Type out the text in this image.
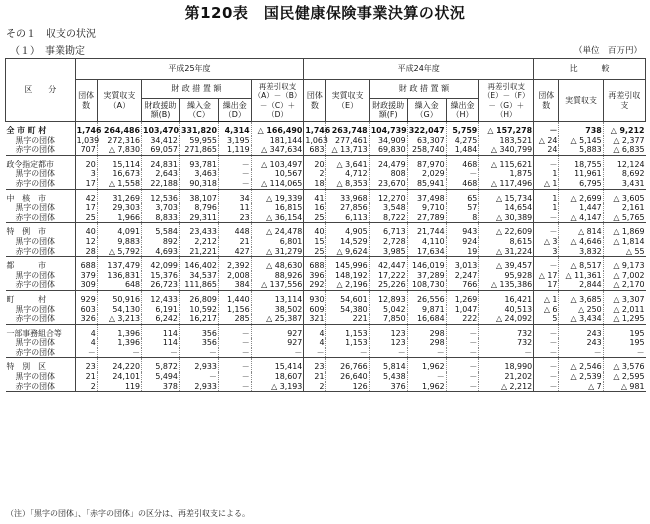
第120表　国民健康保険事業決算の状況
その１　収支の状況
（１）　事業勘定	（単位　百万円）
区　　分	平成25年度						平成24年度						比　　　較		
	団体数	実質収支（A）	財 政 措 置 額			再差引収支（A）－（B）－（C）＋（D）	団体数	実質収支（E）	財 政 措 置 額			再差引収支（E）－（F）－（G）＋（H）	団体数	実質収支	再差引収支
			財政援助額(B)	繰入金（C）	繰出金（D）				財政援助額(F)	繰入金（G）	繰出金（H）				
全 市 町 村	1,746	264,486	103,470	331,820	4,314	△ 166,490	1,746	263,748	104,739	322,047	5,759	△ 157,278	－	738	△ 9,212
黒字の団体	1,039	272,316	34,412	59,955	3,195	181,144	1,063	277,461	34,909	63,307	4,275	183,521	△ 24	△ 5,145	△ 2,377
赤字の団体	707	△ 7,830	69,057	271,865	1,119	△ 347,634	683	△ 13,713	69,830	258,740	1,484	△ 340,799	24	5,883	△ 6,835
政令指定都市	20	15,114	24,831	93,781	－	△ 103,497	20	△ 3,641	24,479	87,970	468	△ 115,621	－	18,755	12,124
黒字の団体	3	16,673	2,643	3,463	－	10,567	2	4,712	808	2,029	－	1,875	1	11,961	8,692
赤字の団体	17	△ 1,558	22,188	90,318	－	△ 114,065	18	△ 8,353	23,670	85,941	468	△ 117,496	△ 1	6,795	3,431
中　核　市	42	31,269	12,536	38,107	34	△ 19,339	41	33,968	12,270	37,498	65	△ 15,734	1	△ 2,699	△ 3,605
黒字の団体	17	29,303	3,703	8,796	11	16,815	16	27,856	3,548	9,710	57	14,654	1	1,447	2,161
赤字の団体	25	1,966	8,833	29,311	23	△ 36,154	25	6,113	8,722	27,789	8	△ 30,389	－	△ 4,147	△ 5,765
特　例　市	40	4,091	5,584	23,433	448	△ 24,478	40	4,905	6,713	21,744	943	△ 22,609	－	△ 814	△ 1,869
黒字の団体	12	9,883	892	2,212	21	6,801	15	14,529	2,728	4,110	924	8,615	△ 3	△ 4,646	△ 1,814
赤字の団体	28	△ 5,792	4,693	21,221	427	△ 31,279	25	△ 9,624	3,985	17,634	19	△ 31,224	3	3,832	△ 55
都　　　市	688	137,479	42,099	146,402	2,392	△ 48,630	688	145,996	42,447	146,019	3,013	△ 39,457	－	△ 8,517	△ 9,173
黒字の団体	379	136,831	15,376	34,537	2,008	88,926	396	148,192	17,222	37,289	2,247	95,928	△ 17	△ 11,361	△ 7,002
赤字の団体	309	648	26,723	111,865	384	△ 137,556	292	△ 2,196	25,226	108,730	766	△ 135,386	17	2,844	△ 2,170
町　　　村	929	50,916	12,433	26,809	1,440	13,114	930	54,601	12,893	26,556	1,269	16,421	△ 1	△ 3,685	△ 3,307
黒字の団体	603	54,130	6,191	10,592	1,156	38,502	609	54,380	5,042	9,871	1,047	40,513	△ 6	△ 250	△ 2,011
赤字の団体	326	△ 3,213	6,242	16,217	285	△ 25,387	321	221	7,850	16,684	222	△ 24,092	5	△ 3,434	△ 1,295
一部事務組合等	4	1,396	114	356	－	927	4	1,153	123	298	－	732	－	243	195
黒字の団体	4	1,396	114	356	－	927	4	1,153	123	298	－	732	－	243	195
赤字の団体	－	－	－	－	－	－	－	－	－	－	－	－	－	－	－
特　別　区	23	24,220	5,872	2,933	－	15,414	23	26,766	5,814	1,962	－	18,990	－	△ 2,546	△ 3,576
黒字の団体	21	24,101	5,494	－	－	18,607	21	26,640	5,438	－	－	21,202	－	△ 2,539	△ 2,595
赤字の団体	2	119	378	2,933	－	△ 3,193	2	126	376	1,962	－	△ 2,212	－	△ 7	△ 981
（注）「黒字の団体」、「赤字の団体」の区分は、再差引収支による。
